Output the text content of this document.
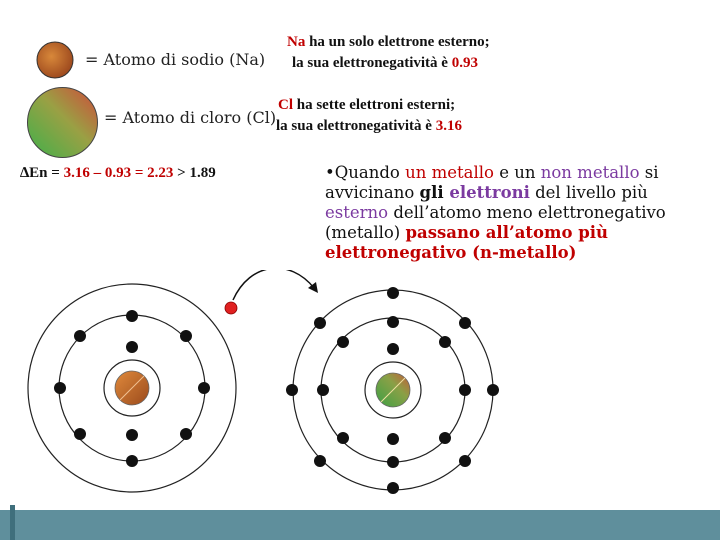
= Atomo di sodio (Na)
= Atomo di cloro (Cl)
Na ha un solo elettrone esterno;
la sua elettronegatività è 0.93
Cl ha sette elettroni esterni;
la sua elettronegatività è 3.16
∆En = 3.16 – 0.93 = 2.23 > 1.89	•Quando un metallo e un non metallo si avvicinano gli elettroni del livello più esterno dell’atomo meno elettronegativo (metallo) passano all’atomo più elettronegativo (n-metallo)
